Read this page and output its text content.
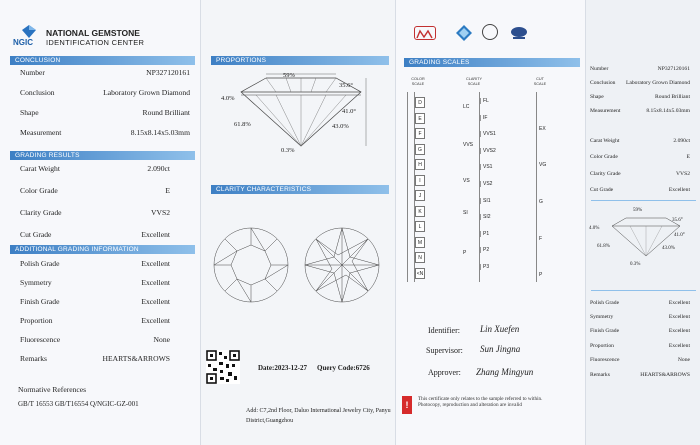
NGIC
NATIONAL GEMSTONE
IDENTIFICATION CENTER
CONCLUSION
GRADING RESULTS
ADDITIONAL GRADING INFORMATION
Normative References
GB/T 16553 GB/T16554 Q/NGIC-GZ-001
Number	NP327120161
Conclusion	Laboratory Grown Diamond
Shape	Round Brilliant
Measurement	8.15x8.14x5.03mm
Carat Weight	2.090ct
Color Grade	E
Clarity Grade	VVS2
Cut Grade	Excellent
Polish Grade	Excellent
Symmetry	Excellent
Finish Grade	Excellent
Proportion	Excellent
Fluorescence	None
Remarks	HEARTS&ARROWS
PROPORTIONS
59%
35.6°
4.0%
41.0°
61.8%	43.0%
0.3%
CLARITY CHARACTERISTICS
Date:2023-12-27 Query Code:6726
Add: C7,2nd Floor, Daluo International Jewelry City, Panyu District,Guangzhou
GRADING SCALES
COLOR
SCALE
CLARITY
SCALE
CUT
SCALE
Identifier: Lin Xuefen
Supervisor: Sun Jingna
Approver: Zhang Mingyun
!
This certificate only relates to the sample referred to within. Photocopy, reproduction and alteration are invalid
D
E
F
G
H
I
J
K
L
M
N
<N
FL
IF
VVS1
VVS2
VS1
VS2
SI1
SI2
P1
P2
P3
LC
VVS
VS
SI
P
EX
VG
G
F
P
59%
35.6°
4.0%
41.0°
61.8%	43.0%
0.3%
Number	NP327120161
Conclusion Laboratory Grown Diamond
Shape	Round Brilliant
Measurement	8.15x8.14x5.03mm
Carat Weight	2.090ct
Color Grade	E
Clarity Grade	VVS2
Cut Grade	Excellent
Polish Grade	Excellent
Symmetry	Excellent
Finish Grade	Excellent
Proportion	Excellent
Fluorescence	None
Remarks	HEARTS&ARROWS
